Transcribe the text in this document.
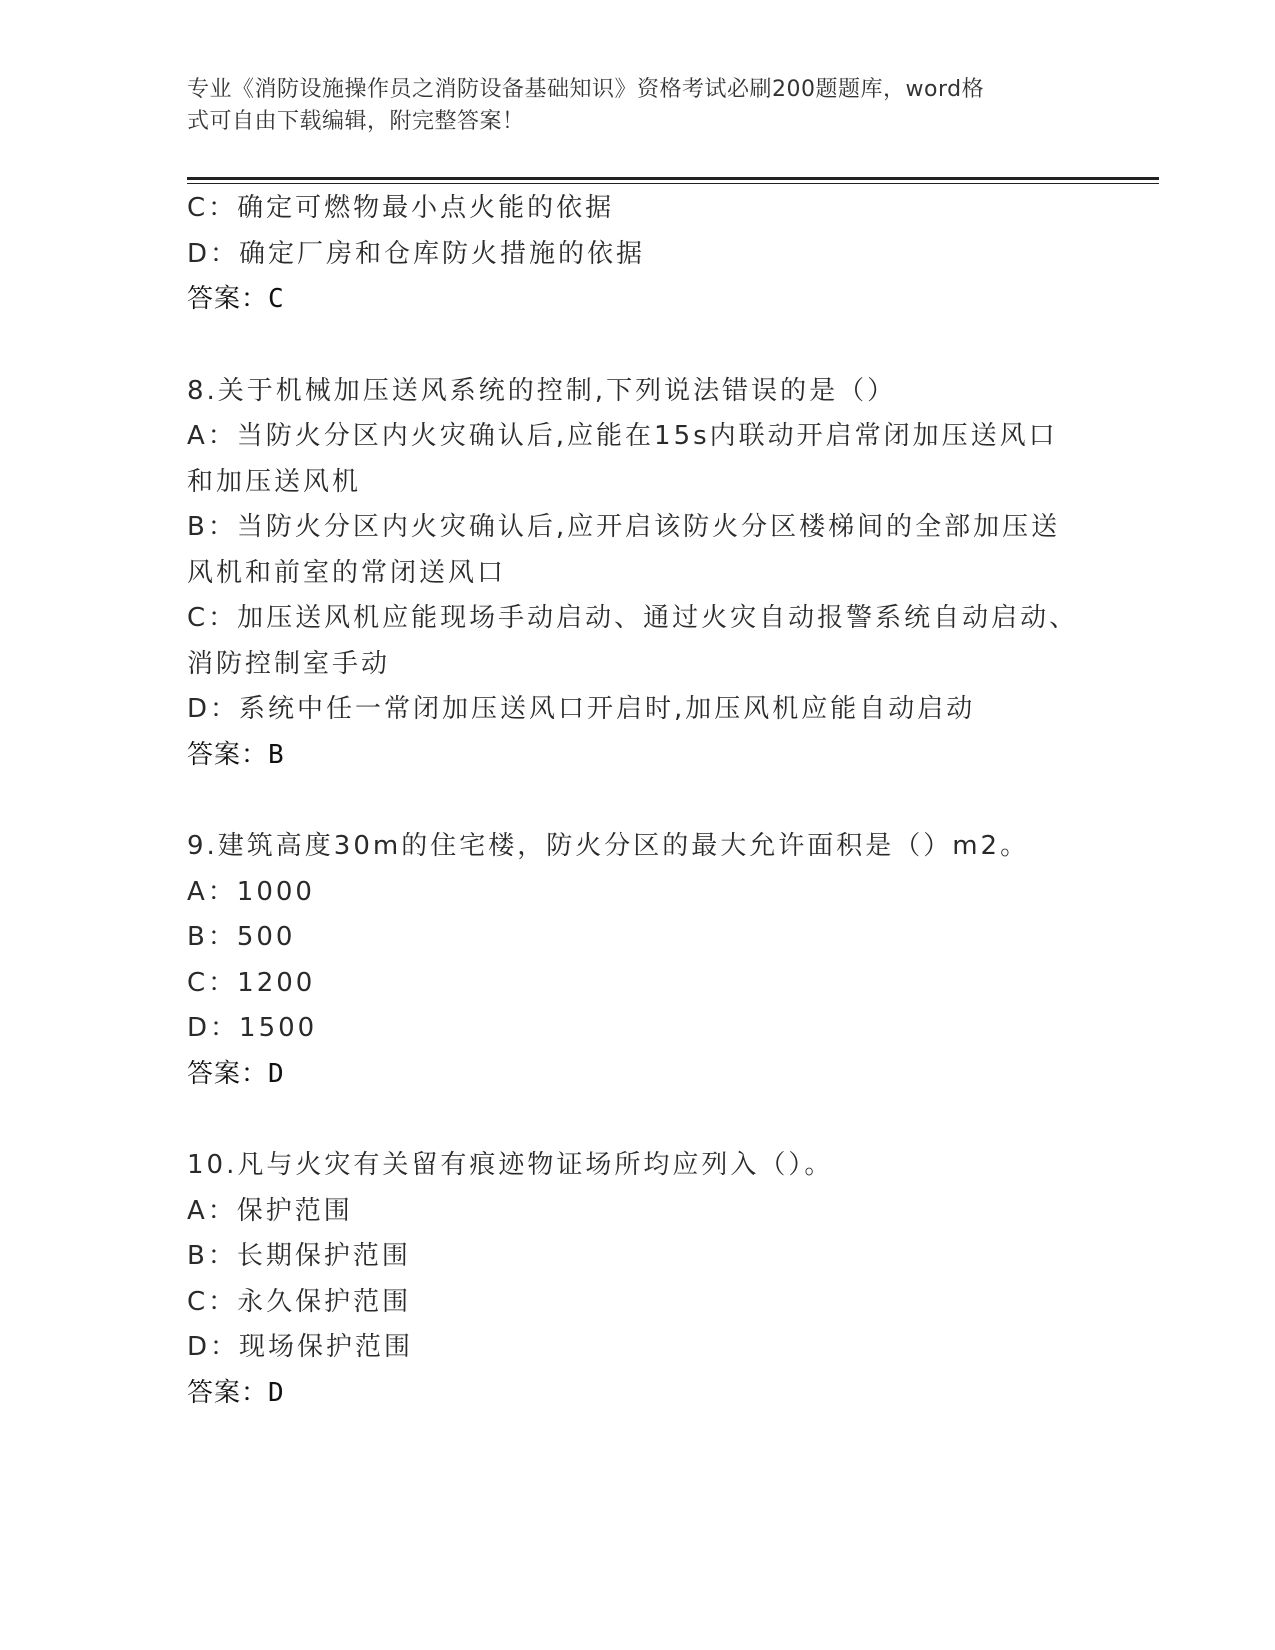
专业《消防设施操作员之消防设备基础知识》资格考试必刷200题题库，word格
式可自由下载编辑，附完整答案！
C：确定可燃物最小点火能的依据
D：确定厂房和仓库防火措施的依据
答案：C
8.关于机械加压送风系统的控制,下列说法错误的是（）
A：当防火分区内火灾确认后,应能在15s内联动开启常闭加压送风口
和加压送风机
B：当防火分区内火灾确认后,应开启该防火分区楼梯间的全部加压送
风机和前室的常闭送风口
C：加压送风机应能现场手动启动、通过火灾自动报警系统自动启动、
消防控制室手动
D：系统中任一常闭加压送风口开启时,加压风机应能自动启动
答案：B
9.建筑高度30m的住宅楼，防火分区的最大允许面积是（）m2。
A：1000
B：500
C：1200
D：1500
答案：D
10.凡与火灾有关留有痕迹物证场所均应列入（）。
A：保护范围
B：长期保护范围
C：永久保护范围
D：现场保护范围
答案：D
